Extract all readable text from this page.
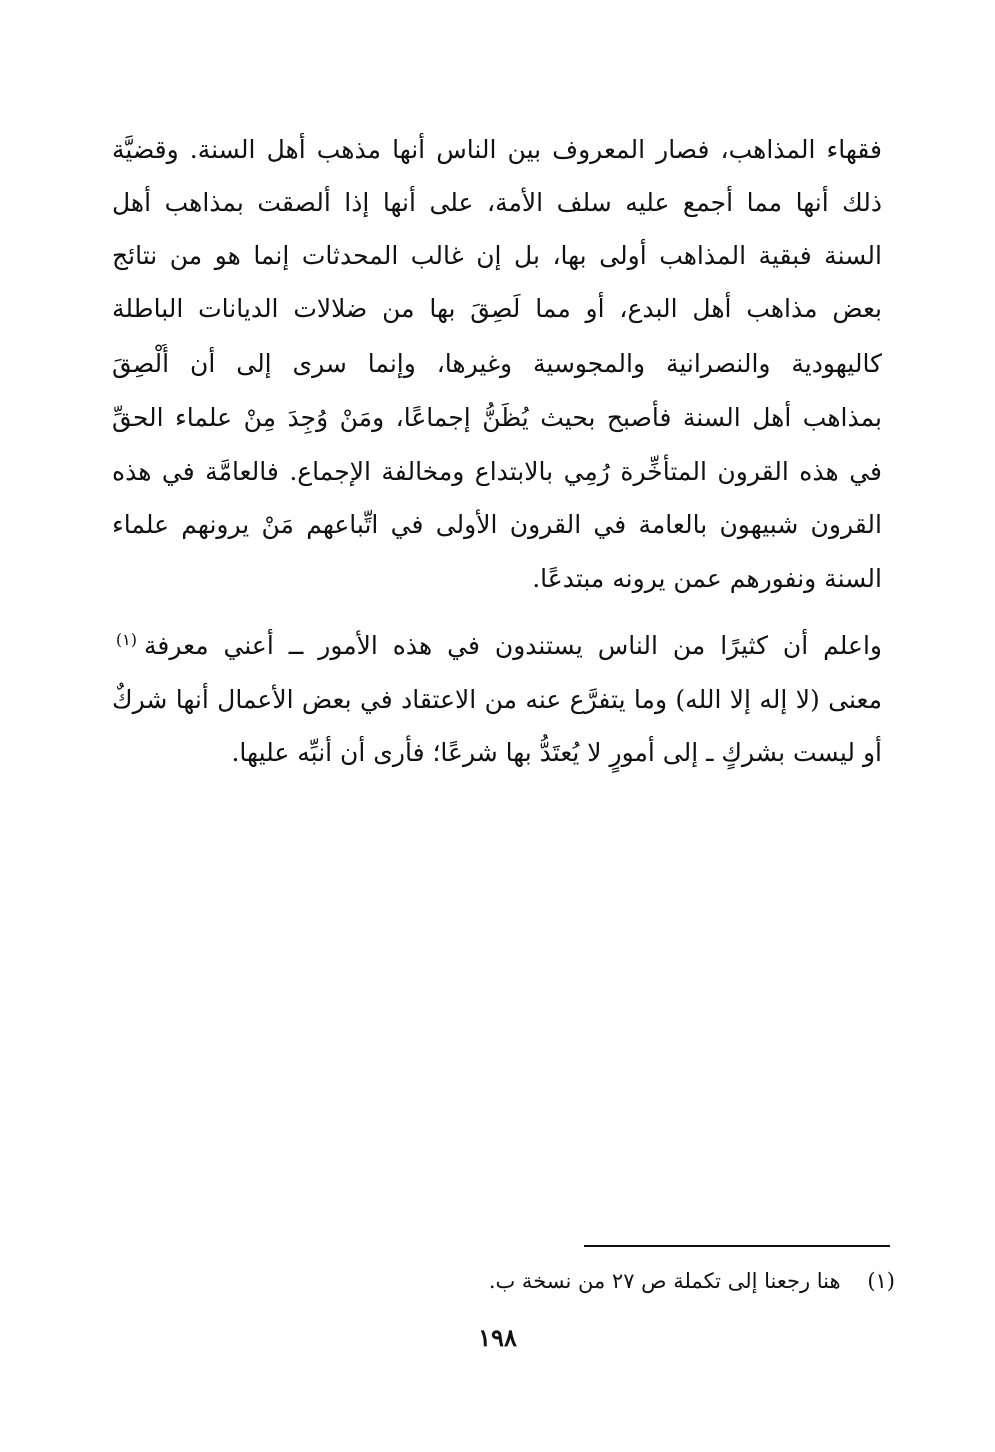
فقهاء المذاهب، فصار المعروف بين الناس أنها مذهب أهل السنة. وقضيَّة
ذلك أنها مما أجمع عليه سلف الأمة، على أنها إذا ألصقت بمذاهب أهل
السنة فبقية المذاهب أولى بها، بل إن غالب المحدثات إنما هو من نتائج
بعض مذاهب أهل البدع، أو مما لَصِقَ بها من ضلالات الديانات الباطلة
كاليهودية والنصرانية والمجوسية وغيرها، وإنما سرى إلى أن أُلْصِقَ
بمذاهب أهل السنة فأصبح بحيث يُظَنُّ إجماعًا، ومَنْ وُجِدَ مِنْ علماء الحقِّ
في هذه القرون المتأخِّرة رُمِي بالابتداع ومخالفة الإجماع. فالعامَّة في هذه
القرون شبيهون بالعامة في القرون الأولى في اتِّباعهم مَنْ يرونهم علماء
السنة ونفورهم عمن يرونه مبتدعًا.
واعلم أن كثيرًا من الناس يستندون في هذه الأمور ــ أعني معرفة
(١)
معنى (لا إله إلا الله) وما يتفرَّع عنه من الاعتقاد في بعض الأعمال أنها شركٌ
أو ليست بشركٍ ـ إلى أمورٍ لا يُعتَدُّ بها شرعًا؛ فأرى أن أنبِّه عليها.
(١)    هنا رجعنا إلى تكملة ص ٢٧ من نسخة ب.
١٩٨
